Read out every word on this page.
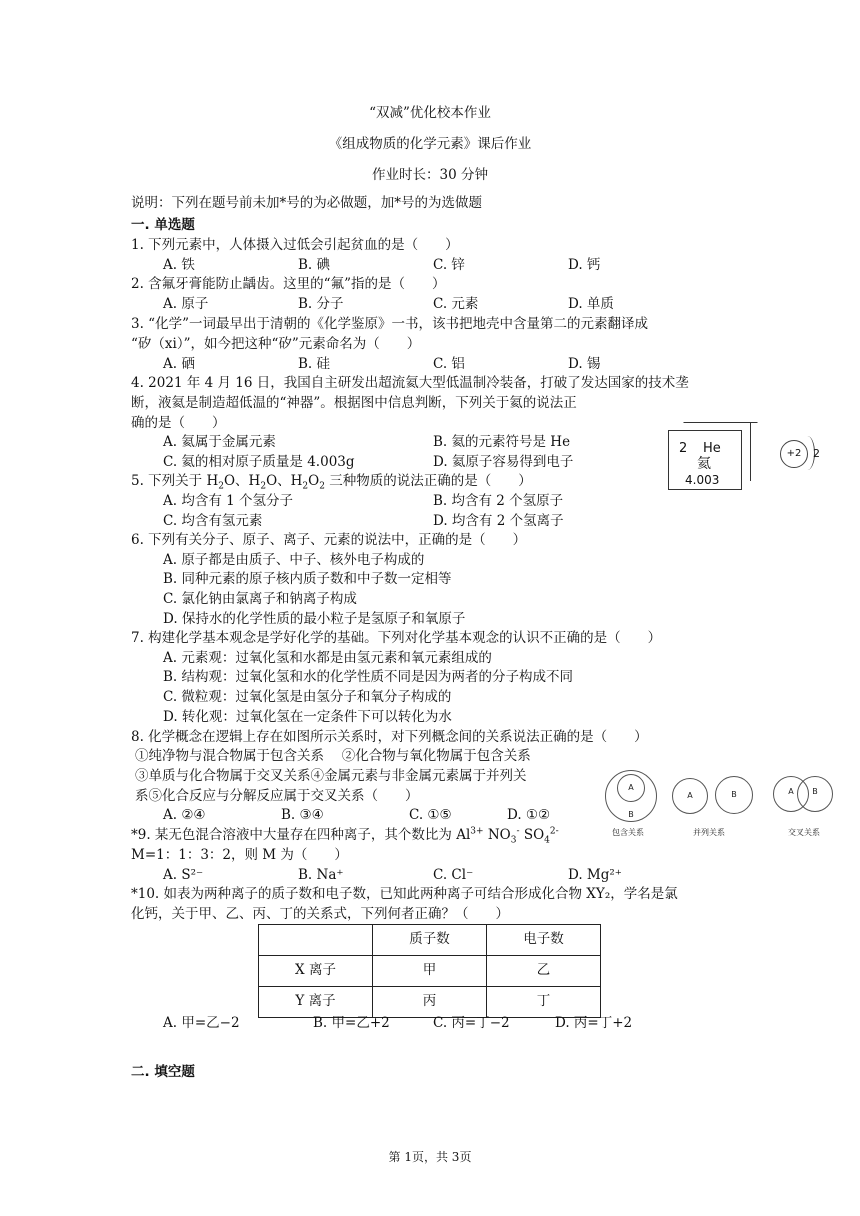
“双减”优化校本作业
《组成物质的化学元素》课后作业
作业时长：30 分钟
说明：下列在题号前未加*号的为必做题，加*号的为选做题
一. 单选题
1. 下列元素中，人体摄入过低会引起贫血的是（　　）
A. 铁	B. 碘	C. 锌	D. 钙
2. 含氟牙膏能防止龋齿。这里的“氟”指的是（　　）
A. 原子	B. 分子	C. 元素	D. 单质
3. “化学”一词最早出于清朝的《化学鉴原》一书，该书把地壳中含量第二的元素翻译成
“矽（xi）”，如今把这种“矽”元素命名为（　　）
A. 硒	B. 硅	C. 铝	D. 锡
4. 2021 年 4 月 16 日，我国自主研发出超流氦大型低温制冷装备，打破了发达国家的技术垄
断，液氦是制造超低温的“神器”。根据图中信息判断，下列关于氦的说法正
确的是（　　）
A. 氦属于金属元素	B. 氦的元素符号是 He
C. 氦的相对原子质量是 4.003g	D. 氦原子容易得到电子
2 He
氦
4.003
+2	2
5. 下列关于 $H_2O$、$H_2O$、$H_2O_2$ 三种物质的说法正确的是（　　）
A. 均含有 1 个氢分子	B. 均含有 2 个氢原子
C. 均含有氢元素	D. 均含有 2 个氢离子
6. 下列有关分子、原子、离子、元素的说法中，正确的是（　　）
A. 原子都是由质子、中子、核外电子构成的
B. 同种元素的原子核内质子数和中子数一定相等
C. 氯化钠由氯离子和钠离子构成
D. 保持水的化学性质的最小粒子是氢原子和氧原子
7. 构建化学基本观念是学好化学的基础。下列对化学基本观念的认识不正确的是（　　）
A. 元素观：过氧化氢和水都是由氢元素和氧元素组成的
B. 结构观：过氧化氢和水的化学性质不同是因为两者的分子构成不同
C. 微粒观：过氧化氢是由氢分子和氧分子构成的
D. 转化观：过氧化氢在一定条件下可以转化为水
8. 化学概念在逻辑上存在如图所示关系时，对下列概念间的关系说法正确的是（　　）
①纯净物与混合物属于包含关系　 ②化合物与氧化物属于包含关系
③单质与化合物属于交叉关系④金属元素与非金属元素属于并列关
系⑤化合反应与分解反应属于交叉关系（　　）
A. ②④	B. ③④	C. ①⑤	D. ①②	B
A
包含关系
A	B
并列关系
A	B
交叉关系
*9. 某无色混合溶液中大量存在四种离子，其个数比为 $Al^{3+}$ $NO_3^-$ $SO_4^{2-}$
M=1：1：3：2，则 M 为（　　）
A. S²⁻	B. Na⁺	C. Cl⁻	D. Mg²⁺
*10. 如表为两种离子的质子数和电子数，已知此两种离子可结合形成化合物 XY₂，学名是氯
化钙，关于甲、乙、丙、丁的关系式，下列何者正确？（　　）
	质子数	电子数
X 离子	甲	乙
Y 离子	丙	丁
A. 甲=乙−2	B. 甲=乙+2	C. 丙=丁−2	D. 丙=丁+2
二. 填空题
第 1页，共 3页
